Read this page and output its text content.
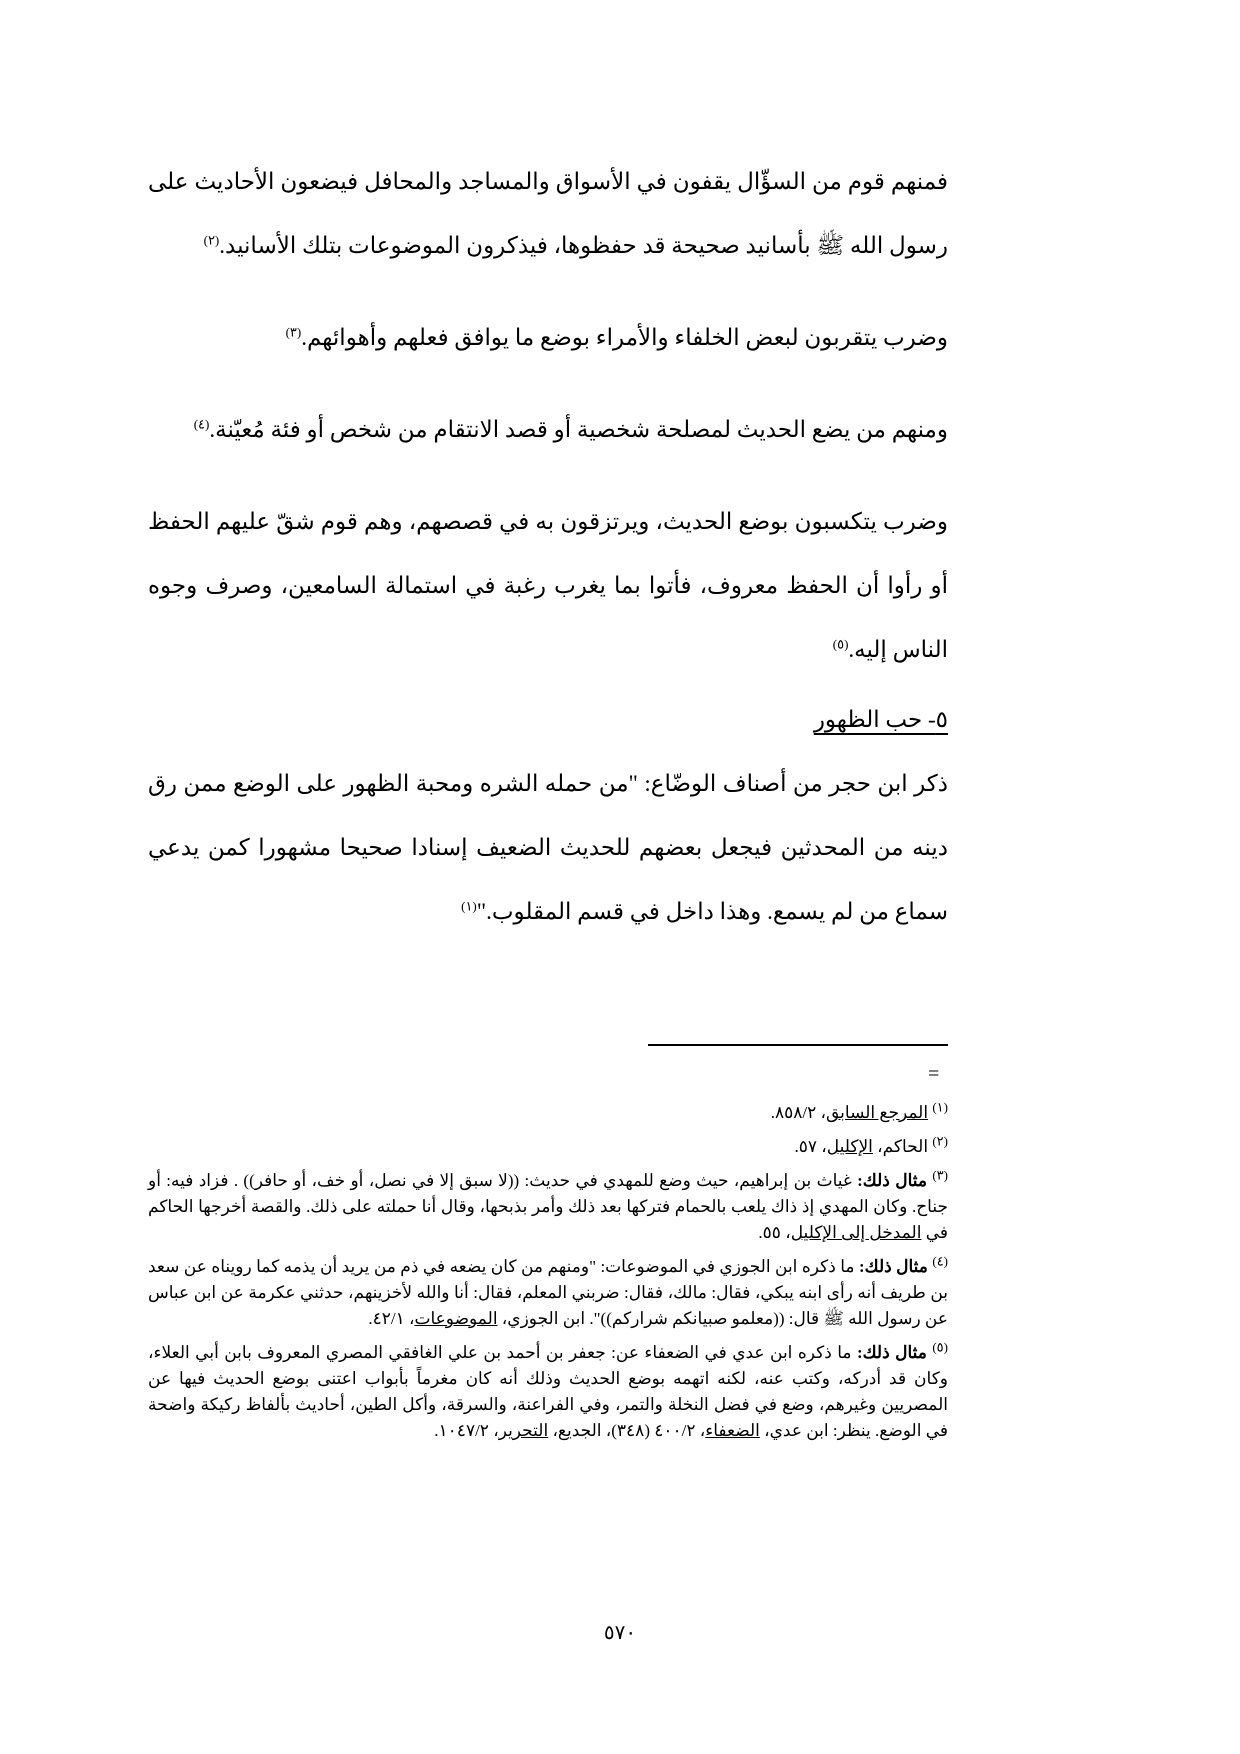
فمنهم قوم من السؤّال يقفون في الأسواق والمساجد والمحافل فيضعون الأحاديث على رسول الله ﷺ بأسانيد صحيحة قد حفظوها، فيذكرون الموضوعات بتلك الأسانيد.$^{(٢)}$

وضرب يتقربون لبعض الخلفاء والأمراء بوضع ما يوافق فعلهم وأهوائهم.$^{(٣)}$

ومنهم من يضع الحديث لمصلحة شخصية أو قصد الانتقام من شخص أو فئة مُعيّنة.$^{(٤)}$

وضرب يتكسبون بوضع الحديث، ويرتزقون به في قصصهم، وهم قوم شقّ عليهم الحفظ أو رأوا أن الحفظ معروف، فأتوا بما يغرب رغبة في استمالة السامعين، وصرف وجوه الناس إليه.$^{(٥)}$

٥- حب الظهور

ذكر ابن حجر من أصناف الوضّاع: "من حمله الشره ومحبة الظهور على الوضع ممن رق دينه من المحدثين فيجعل بعضهم للحديث الضعيف إسنادا صحيحا مشهورا كمن يدعي سماع من لم يسمع. وهذا داخل في قسم المقلوب."$^{(١)}$

=

$^{(١)}$ المرجع السابق، ٨٥٨/٢.

$^{(٢)}$ الحاكم، الإكليل، ٥٧.

$^{(٣)}$ مثال ذلك: غياث بن إبراهيم، حيث وضع للمهدي في حديث: ((لا سبق إلا في نصل، أو خف، أو حافر)) . فزاد فيه: أو جناح. وكان المهدي إذ ذاك يلعب بالحمام فتركها بعد ذلك وأمر بذبحها، وقال أنا حملته على ذلك. والقصة أخرجها الحاكم في المدخل إلى الإكليل، ٥٥.

$^{(٤)}$ مثال ذلك: ما ذكره ابن الجوزي في الموضوعات: "ومنهم من كان يضعه في ذم من يريد أن يذمه كما رويناه عن سعد بن طريف أنه رأى ابنه يبكي، فقال: مالك، فقال: ضربني المعلم، فقال: أنا والله لأخزينهم، حدثني عكرمة عن ابن عباس عن رسول الله ﷺ قال: ((معلمو صبيانكم شراركم))". ابن الجوزي، الموضوعات، ٤٢/١.

$^{(٥)}$ مثال ذلك: ما ذكره ابن عدي في الضعفاء عن: جعفر بن أحمد بن علي الغافقي المصري المعروف بابن أبي العلاء، وكان قد أدركه، وكتب عنه، لكنه اتهمه بوضع الحديث وذلك أنه كان مغرماً بأبواب اعتنى بوضع الحديث فيها عن المصريين وغيرهم، وضع في فضل النخلة والتمر، وفي الفراعنة، والسرقة، وأكل الطين، أحاديث بألفاظ ركيكة واضحة في الوضع. ينظر: ابن عدي، الضعفاء، ٤٠٠/٢ (٣٤٨)، الجديع، التحرير، ١٠٤٧/٢.

٥٧٠
